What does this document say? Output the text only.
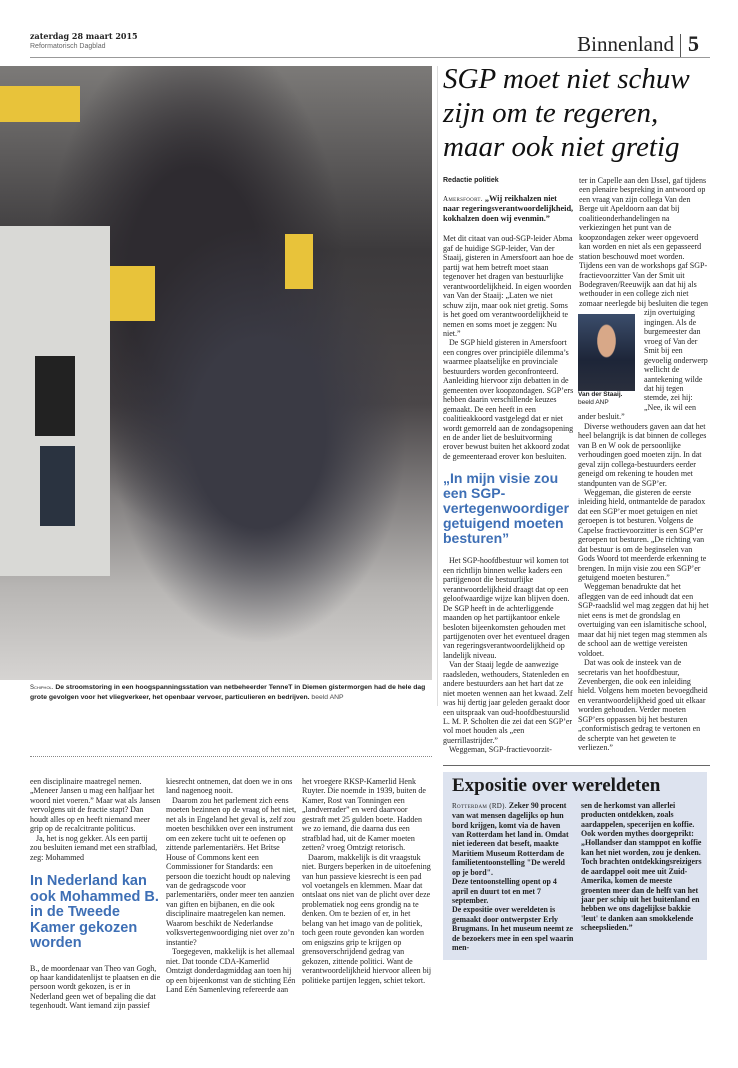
zaterdag 28 maart 2015
Reformatorisch Dagblad	Binnenland 5
Schiphol. De stroomstoring in een hoogspanningsstation van netbeheerder TenneT in Diemen gistermorgen had de hele dag grote gevolgen voor het vliegverkeer, het openbaar vervoer, particulieren en bedrijven. beeld ANP

een disciplinaire maatregel nemen. „Meneer Jansen u mag een halfjaar het woord niet voeren.” Maar wat als Jansen vervolgens uit de fractie stapt? Dan houdt alles op en heeft niemand meer grip op de recalcitrante politicus.

Ja, het is nog gekker. Als een partij zou besluiten iemand met een strafblad, zeg: Mohammed

In Nederland kan ook Mohammed B. in de Tweede Kamer gekozen worden

B., de moordenaar van Theo van Gogh, op haar kandidatenlijst te plaatsen en die persoon wordt gekozen, is er in Nederland geen wet of bepaling die dat tegenhoudt. Want iemand zijn passief

kiesrecht ontnemen, dat doen we in ons land nagenoeg nooit.

Daarom zou het parlement zich eens moeten bezinnen op de vraag of het niet, net als in Engeland het geval is, zelf zou moeten beschikken over een instrument om een zekere tucht uit te oefenen op zittende parlementariërs. Het Britse House of Commons kent een Commissioner for Standards: een persoon die toezicht houdt op naleving van de gedragscode voor parlementariërs, onder meer ten aanzien van giften en bijbanen, en die ook disciplinaire maatregelen kan nemen. Waarom beschikt de Nederlandse volksvertegenwoordiging niet over zo’n instantie?

Toegegeven, makkelijk is het allemaal niet. Dat toonde CDA-Kamerlid Omtzigt donderdagmiddag aan toen hij op een bijeenkomst van de stichting Eén Land Eén Samenleving refereerde aan

het vroegere RKSP-Kamerlid Henk Ruyter. Die noemde in 1939, buiten de Kamer, Rost van Tonningen een „landverrader” en werd daarvoor gestraft met 25 gulden boete. Hadden we zo iemand, die daarna dus een strafblad had, uit de Kamer moeten zetten? vroeg Omtzigt retorisch.

Daarom, makkelijk is dit vraagstuk niet. Burgers beperken in de uitoefening van hun passieve kiesrecht is een pad vol voetangels en klemmen. Maar dat ontslaat ons niet van de plicht over deze problematiek nog eens grondig na te denken. Om te bezien of er, in het belang van het imago van de politiek, toch geen route gevonden kan worden om enigszins grip te krijgen op grensoverschrijdend gedrag van gekozen, zittende politici. Want de verantwoordelijkheid hiervoor alleen bij politieke partijen leggen, schiet tekort.

SGP moet niet schuw zijn om te regeren, maar ook niet gretig
Redactie politiek
Amersfoort. „Wij reikhalzen niet naar regeringsverantwoordelijkheid, kokhalzen doen wij evenmin.”

Met dit citaat van oud-SGP-leider Abma gaf de huidige SGP-leider, Van der Staaij, gisteren in Amersfoort aan hoe de partij wat hem betreft moet staan tegenover het dragen van bestuurlijke verantwoordelijkheid. In eigen woorden van Van der Staaij: „Laten we niet schuw zijn, maar ook niet gretig. Soms is het goed om verantwoordelijkheid te nemen en soms moet je zeggen: Nu niet.”

De SGP hield gisteren in Amersfoort een congres over principiële dilemma’s waarmee plaatselijke en provinciale bestuurders worden geconfronteerd. Aanleiding hiervoor zijn debatten in de gemeenten over koopzondagen. SGP’ers hebben daarin verschillende keuzes gemaakt. De een heeft in een coalitieakkoord vastgelegd dat er niet wordt gemorreld aan de zondagsopening en de ander liet de besluitvorming erover bewust buiten het akkoord zodat de gemeenteraad erover kon besluiten.

„In mijn visie zou een SGP-vertegenwoordiger getuigend moeten besturen”

Het SGP-hoofdbestuur wil komen tot een richtlijn binnen welke kaders een partijgenoot die bestuurlijke verantwoordelijkheid draagt dat op een geloofwaardige wijze kan blijven doen. De SGP heeft in de achterliggende maanden op het partijkantoor enkele besloten bijeenkomsten gehouden met partijgenoten over het eventueel dragen van regeringsverantwoordelijkheid op landelijk niveau.

Van der Staaij legde de aanwezige raadsleden, wethouders, Statenleden en andere bestuurders aan het hart dat ze niet moeten wennen aan het kwaad. Zelf was hij dertig jaar geleden geraakt door een uitspraak van oud-hoofdbestuurslid L. M. P. Scholten die zei dat een SGP’er vol moet houden als „een guerrillastrijder.”

Weggeman, SGP-fractievoorzit-

Van der Staaij.
beeld ANP

ter in Capelle aan den IJssel, gaf tijdens een plenaire bespreking in antwoord op een vraag van zijn collega Van den Berge uit Apeldoorn aan dat bij coalitieonderhandelingen na verkiezingen het punt van de koopzondagen zeker weer opgevoerd kan worden en niet als een gepasseerd station beschouwd moet worden. Tijdens een van de workshops gaf SGP-fractievoorzitter Van der Smit uit Bodegraven/Reeuwijk aan dat hij als wethouder in een college zich niet zomaar neerlegde bij besluiten die tegen zijn overtuiging ingingen. Als de burgemeester dan vroeg of Van der Smit bij een gevoelig onderwerp wellicht de aantekening wilde dat hij tegen stemde, zei hij: „Nee, ik wil een ander besluit.”

Diverse wethouders gaven aan dat het heel belangrijk is dat binnen de colleges van B en W ook de persoonlijke verhoudingen goed moeten zijn. In dat geval zijn collega-bestuurders eerder geneigd om rekening te houden met standpunten van de SGP’er.

Weggeman, die gisteren de eerste inleiding hield, ontmantelde de paradox dat een SGP’er moet getuigen en niet geroepen is tot besturen. Volgens de Capelse fractievoorzitter is een SGP’er geroepen tot besturen. „De richting van dat bestuur is om de beginselen van Gods Woord tot meerderde erkenning te brengen. In mijn visie zou een SGP’er getuigend moeten besturen.”

Weggeman benadrukte dat het afleggen van de eed inhoudt dat een SGP-raadslid wel mag zeggen dat hij het niet eens is met de grondslag en overtuiging van een islamitische school, maar dat hij niet tegen mag stemmen als de school aan de wettige vereisten voldoet.

Dat was ook de insteek van de secretaris van het hoofdbestuur, Zevenbergen, die ook een inleiding hield. Volgens hem moeten bevoegdheid en verantwoordelijkheid goed uit elkaar worden gehouden. Verder moeten SGP’ers oppassen bij het besturen „conformistisch gedrag te vertonen en de scherpte van het geweten te verliezen.”

Expositie over wereldeten

Rotterdam (RD). Zeker 90 procent van wat mensen dagelijks op hun bord krijgen, komt via de haven van Rotterdam het land in. Omdat niet iedereen dat beseft, maakte Maritiem Museum Rotterdam de familietentoonstelling "De wereld op je bord".

Deze tentoonstelling opent op 4 april en duurt tot en met 7 september.

De expositie over wereldeten is gemaakt door ontwerpster Erly Brugmans. In het museum neemt ze de bezoekers mee in een spel waarin men-

sen de herkomst van allerlei producten ontdekken, zoals aardappelen, specerijen en koffie.

Ook worden mythes doorgeprikt: „Hollandser dan stamppot en koffie kan het niet worden, zou je denken. Toch brachten ontdekkingsreizigers de aardappel ooit mee uit Zuid-Amerika, komen de meeste groenten meer dan de helft van het jaar per schip uit het buitenland en hebben we ons dagelijkse bakkie 'leut' te danken aan smokkelende scheepslieden.”
